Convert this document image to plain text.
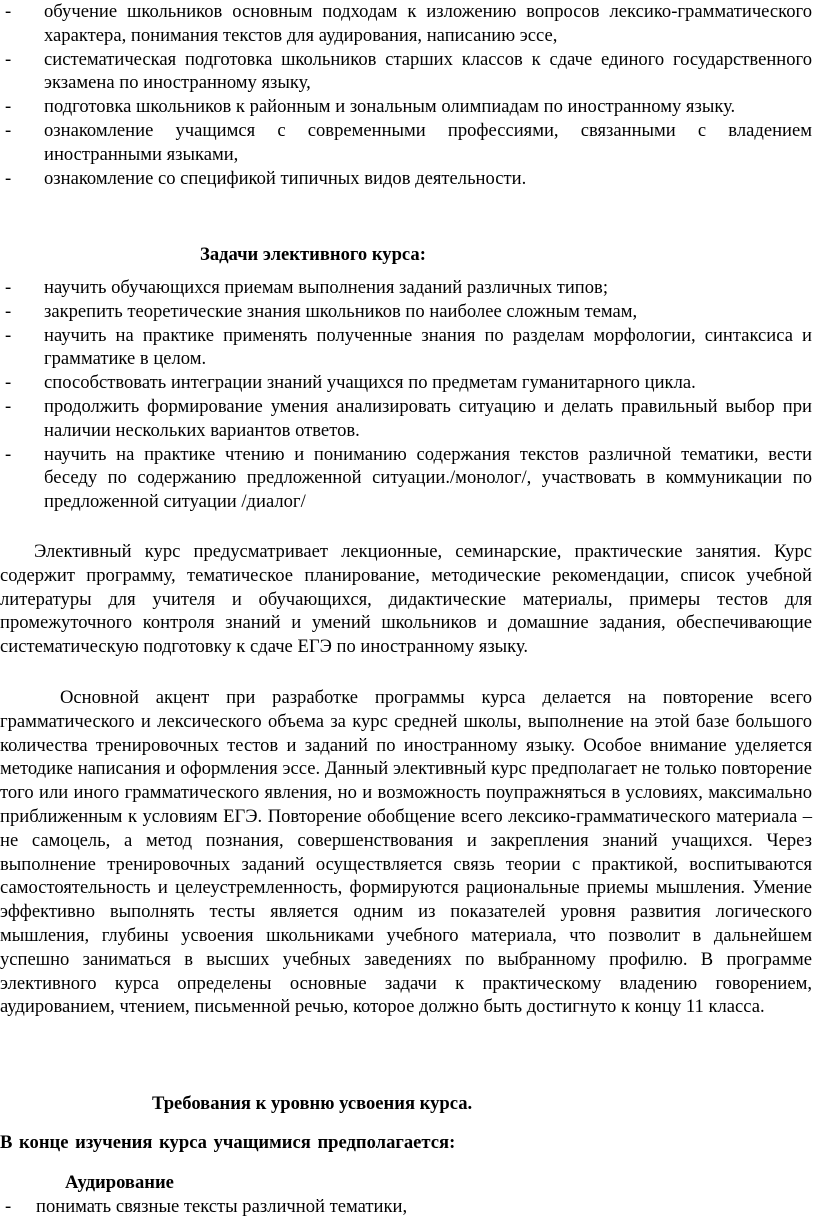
- обучение школьников основным подходам к изложению вопросов лексико-грамматического характера, понимания текстов для аудирования, написанию эссе,
- систематическая подготовка школьников старших классов к сдаче единого государственного экзамена по иностранному языку,
- подготовка школьников к районным и зональным олимпиадам по иностранному языку.
- ознакомление учащимся с современными профессиями, связанными с владением иностранными языками,
- ознакомление со спецификой типичных видов деятельности.
Задачи элективного курса:
- научить обучающихся приемам выполнения заданий различных типов;
- закрепить теоретические знания школьников по наиболее сложным темам,
- научить на практике применять полученные знания по разделам морфологии, синтаксиса и грамматике в целом.
- способствовать интеграции знаний учащихся по предметам гуманитарного цикла.
- продолжить формирование умения анализировать ситуацию и делать правильный выбор при наличии нескольких вариантов ответов.
- научить на практике чтению и пониманию содержания текстов различной тематики, вести беседу по содержанию предложенной ситуации./монолог/, участвовать в коммуникации по предложенной ситуации /диалог/
Элективный курс предусматривает лекционные, семинарские, практические занятия. Курс содержит программу, тематическое планирование, методические рекомендации, список учебной литературы для учителя и обучающихся, дидактические материалы, примеры тестов для промежуточного контроля знаний и умений школьников и домашние задания, обеспечивающие систематическую подготовку к сдаче ЕГЭ по иностранному языку.
Основной акцент при разработке программы курса делается на повторение всего грамматического и лексического объема за курс средней школы, выполнение на этой базе большого количества тренировочных тестов и заданий по иностранному языку. Особое внимание уделяется методике написания и оформления эссе. Данный элективный курс предполагает не только повторение того или иного грамматического явления, но и возможность поупражняться в условиях, максимально приближенным к условиям ЕГЭ. Повторение обобщение всего лексико-грамматического материала – не самоцель, а метод познания, совершенствования и закрепления знаний учащихся. Через выполнение тренировочных заданий осуществляется связь теории с практикой, воспитываются самостоятельность и целеустремленность, формируются рациональные приемы мышления. Умение эффективно выполнять тесты является одним из показателей уровня развития логического мышления, глубины усвоения школьниками учебного материала, что позволит в дальнейшем успешно заниматься в высших учебных заведениях по выбранному профилю. В программе элективного курса определены основные задачи к практическому владению говорением, аудированием, чтением, письменной речью, которое должно быть достигнуто к концу 11 класса.
Требования к уровню усвоения курса.
В конце изучения курса учащимися предполагается:
Аудирование
- понимать связные тексты различной тематики,
